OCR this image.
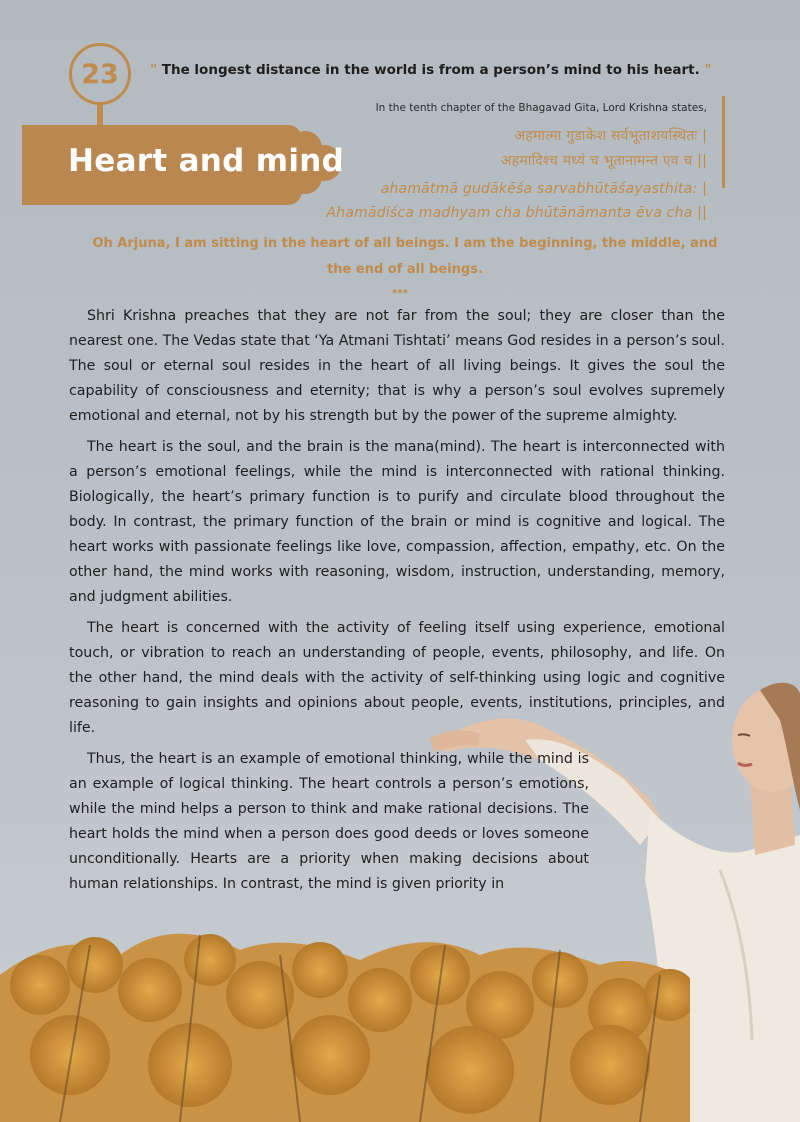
23	" The longest distance in the world is from a person’s mind to his heart. "
Heart and mind
In the tenth chapter of the Bhagavad Gita, Lord Krishna states,
अहमात्मा गुडाकेश सर्वभूताशयस्थितः |
अहमादिश्च मध्यं च भूतानामन्त एव च ||
ahamātmā gudākēśa sarvabhūtāśayasthita: |
Ahamādiśca madhyam cha bhūtānāmanta ēva cha ||
Oh Arjuna, I am sitting in the heart of all beings. I am the beginning, the middle, and the end of all beings.
***
Shri Krishna preaches that they are not far from the soul; they are closer than the nearest one. The Vedas state that ‘Ya Atmani Tishtati’ means God resides in a person’s soul. The soul or eternal soul resides in the heart of all living beings. It gives the soul the capability of consciousness and eternity; that is why a person’s soul evolves supremely emotional and eternal, not by his strength but by the power of the supreme almighty.
The heart is the soul, and the brain is the mana(mind). The heart is interconnected with a person’s emotional feelings, while the mind is interconnected with rational thinking. Biologically, the heart’s primary function is to purify and circulate blood throughout the body. In contrast, the primary function of the brain or mind is cognitive and logical. The heart works with passionate feelings like love, compassion, affection, empathy, etc. On the other hand, the mind works with reasoning, wisdom, instruction, understanding, memory, and judgment abilities.
The heart is concerned with the activity of feeling itself using experience, emotional touch, or vibration to reach an understanding of people, events, philosophy, and life. On the other hand, the mind deals with the activity of self-thinking using logic and cognitive reasoning to gain insights and opinions about people, events, institutions, principles, and life.
Thus, the heart is an example of emotional thinking, while the mind is an example of logical thinking. The heart controls a person’s emotions, while the mind helps a person to think and make rational decisions. The heart holds the mind when a person does good deeds or loves someone unconditionally. Hearts are a priority when making decisions about human relationships. In contrast, the mind is given priority in
